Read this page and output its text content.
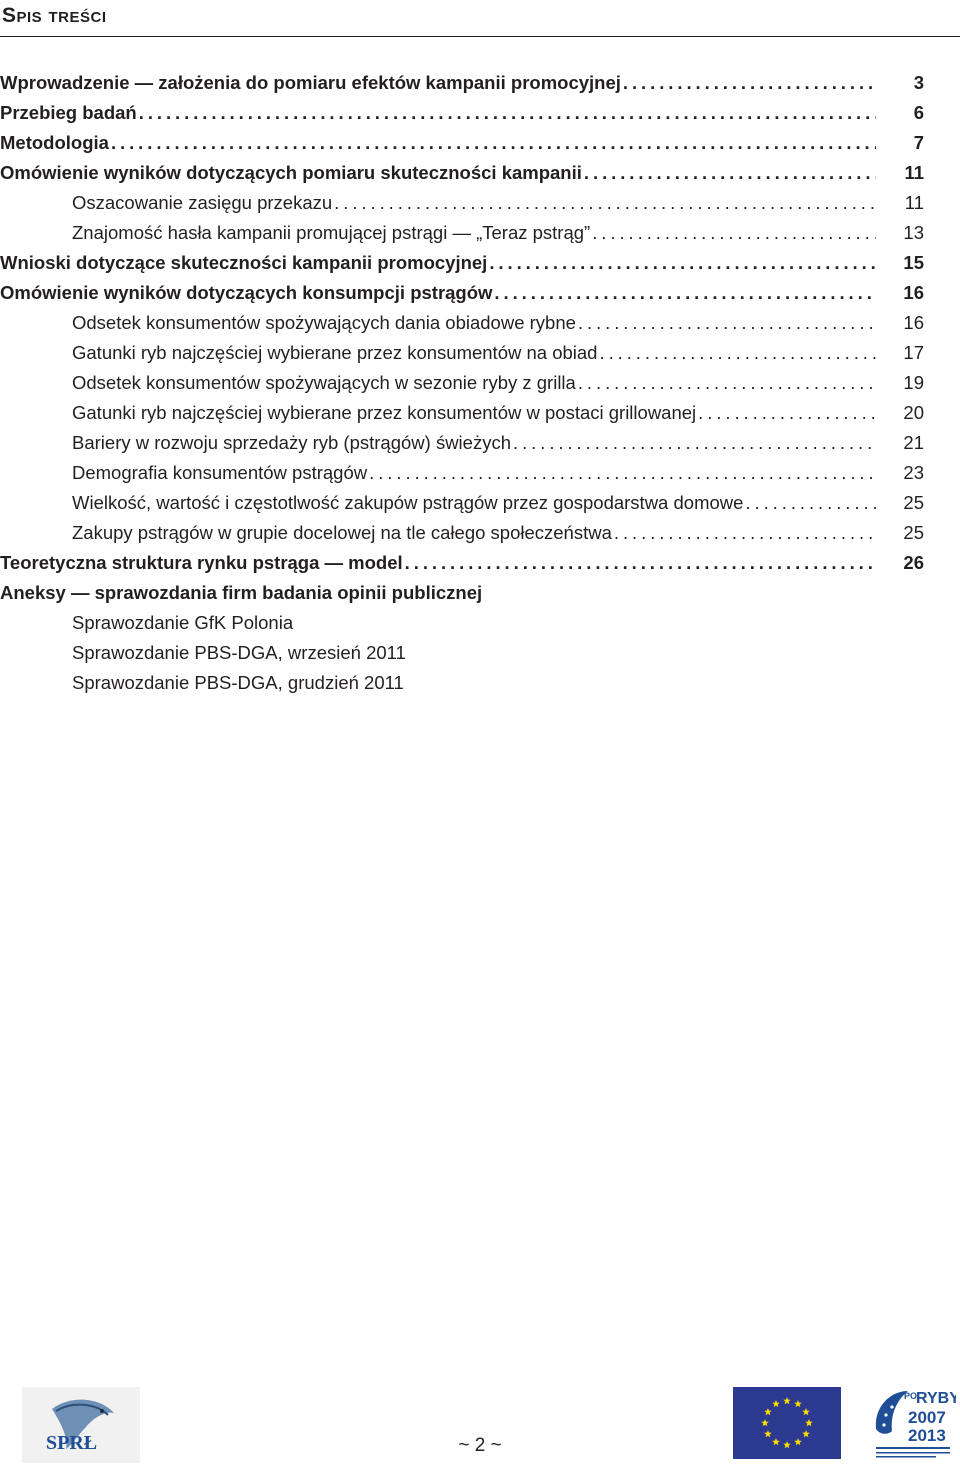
Spis treści
Wprowadzenie — założenia do pomiaru efektów kampanii promocyjnej . . .	3
Przebieg badań . . .	6
Metodologia . . .	7
Omówienie wyników dotyczących pomiaru skuteczności kampanii . . .	11
Oszacowanie zasięgu przekazu . . .	11
Znajomość hasła kampanii promującej pstrągi — „Teraz pstrąg” . . .	13
Wnioski dotyczące skuteczności kampanii promocyjnej . . .	15
Omówienie wyników dotyczących konsumpcji pstrągów . . .	16
Odsetek konsumentów spożywających dania obiadowe rybne . . .	16
Gatunki ryb najczęściej wybierane przez konsumentów na obiad . . .	17
Odsetek konsumentów spożywających w sezonie ryby z grilla . . .	19
Gatunki ryb najczęściej wybierane przez konsumentów w postaci grillowanej . . .	20
Bariery w rozwoju sprzedaży ryb (pstrągów) świeżych . . .	21
Demografia konsumentów pstrągów . . .	23
Wielkość, wartość i częstotlwość zakupów pstrągów przez gospodarstwa domowe . . .	25
Zakupy pstrągów w grupie docelowej na tle całego społeczeństwa . . .	25
Teoretyczna struktura rynku pstrąga — model . . .	26
Aneksy — sprawozdania firm badania opinii publicznej
Sprawozdanie GfK Polonia
Sprawozdanie PBS-DGA, wrzesień 2011
Sprawozdanie PBS-DGA, grudzień 2011
SPRŁ	~ 2 ~
PO
RYBY
2007
2013
